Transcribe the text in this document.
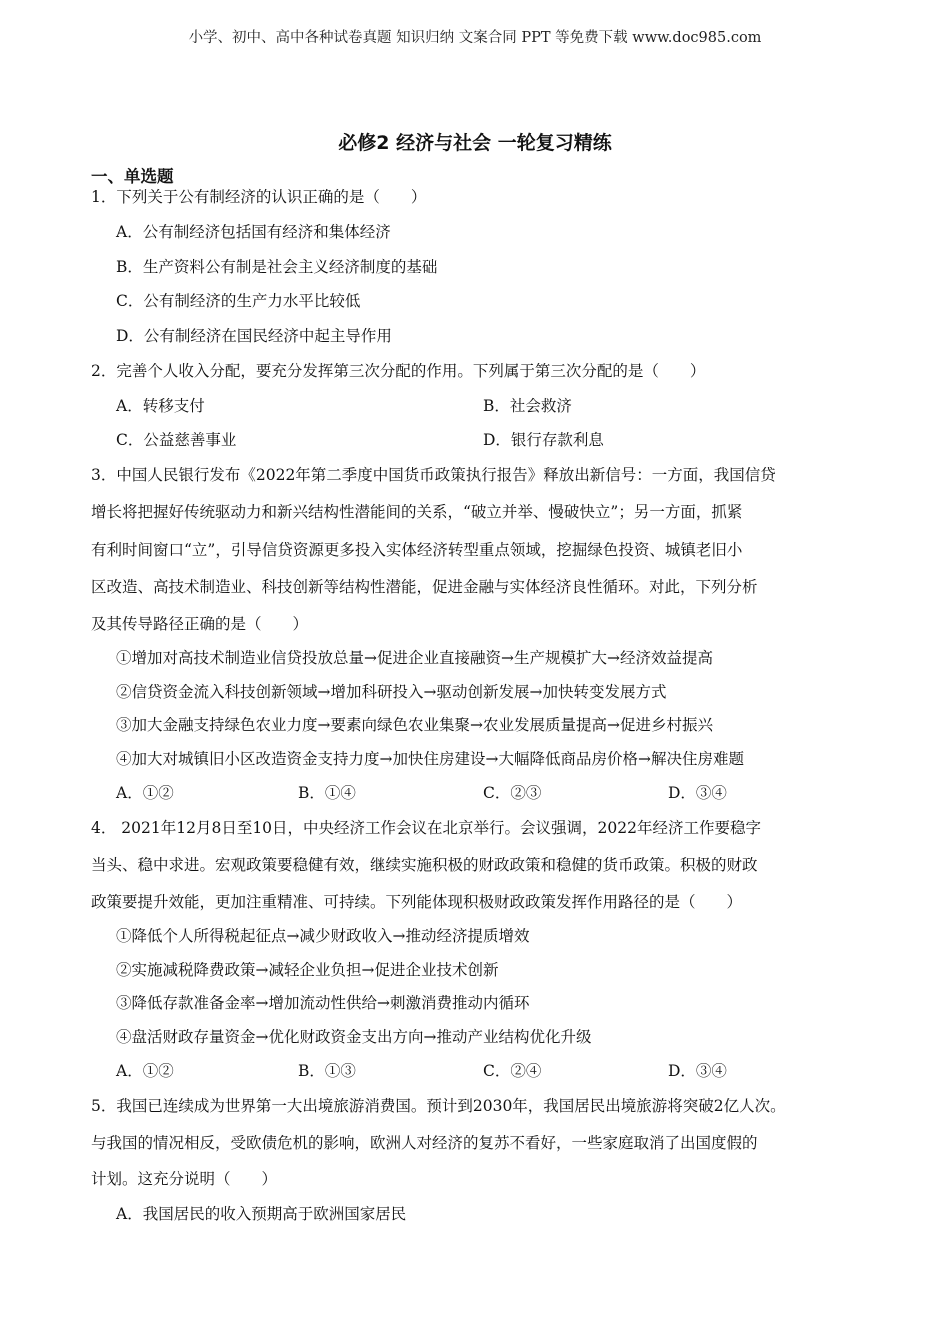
小学、初中、高中各种试卷真题 知识归纳 文案合同 PPT 等免费下载 www.doc985.com
必修2 经济与社会 一轮复习精练
一、单选题
1．下列关于公有制经济的认识正确的是（　　）
A．公有制经济包括国有经济和集体经济
B．生产资料公有制是社会主义经济制度的基础
C．公有制经济的生产力水平比较低
D．公有制经济在国民经济中起主导作用
2．完善个人收入分配，要充分发挥第三次分配的作用。下列属于第三次分配的是（　　）
A．转移支付	B．社会救济
C．公益慈善事业	D．银行存款利息
3．中国人民银行发布《2022年第二季度中国货币政策执行报告》释放出新信号：一方面，我国信贷
增长将把握好传统驱动力和新兴结构性潜能间的关系，“破立并举、慢破快立”；另一方面，抓紧
有利时间窗口“立”，引导信贷资源更多投入实体经济转型重点领域，挖掘绿色投资、城镇老旧小
区改造、高技术制造业、科技创新等结构性潜能，促进金融与实体经济良性循环。对此，下列分析
及其传导路径正确的是（　　）
①增加对高技术制造业信贷投放总量→促进企业直接融资→生产规模扩大→经济效益提高
②信贷资金流入科技创新领域→增加科研投入→驱动创新发展→加快转变发展方式
③加大金融支持绿色农业力度→要素向绿色农业集聚→农业发展质量提高→促进乡村振兴
④加大对城镇旧小区改造资金支持力度→加快住房建设→大幅降低商品房价格→解决住房难题
A．①②	B．①④	C．②③	D．③④
4． 2021年12月8日至10日，中央经济工作会议在北京举行。会议强调，2022年经济工作要稳字
当头、稳中求进。宏观政策要稳健有效，继续实施积极的财政政策和稳健的货币政策。积极的财政
政策要提升效能，更加注重精准、可持续。下列能体现积极财政政策发挥作用路径的是（　　）
①降低个人所得税起征点→减少财政收入→推动经济提质增效
②实施减税降费政策→减轻企业负担→促进企业技术创新
③降低存款准备金率→增加流动性供给→刺激消费推动内循环
④盘活财政存量资金→优化财政资金支出方向→推动产业结构优化升级
A．①②	B．①③	C．②④	D．③④
5．我国已连续成为世界第一大出境旅游消费国。预计到2030年，我国居民出境旅游将突破2亿人次。
与我国的情况相反，受欧债危机的影响，欧洲人对经济的复苏不看好，一些家庭取消了出国度假的
计划。这充分说明（　　）
A．我国居民的收入预期高于欧洲国家居民
